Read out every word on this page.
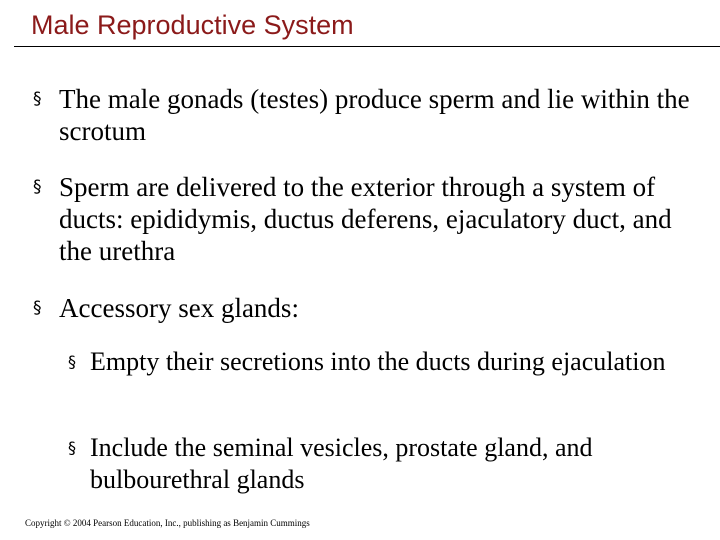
Male Reproductive System
§ The male gonads (testes) produce sperm and lie within the scrotum
§ Sperm are delivered to the exterior through a system of ducts: epididymis, ductus deferens, ejaculatory duct, and the urethra
§ Accessory sex glands:
§ Empty their secretions into the ducts during ejaculation
§ Include the seminal vesicles, prostate gland, and bulbourethral glands
Copyright © 2004 Pearson Education, Inc., publishing as Benjamin Cummings
